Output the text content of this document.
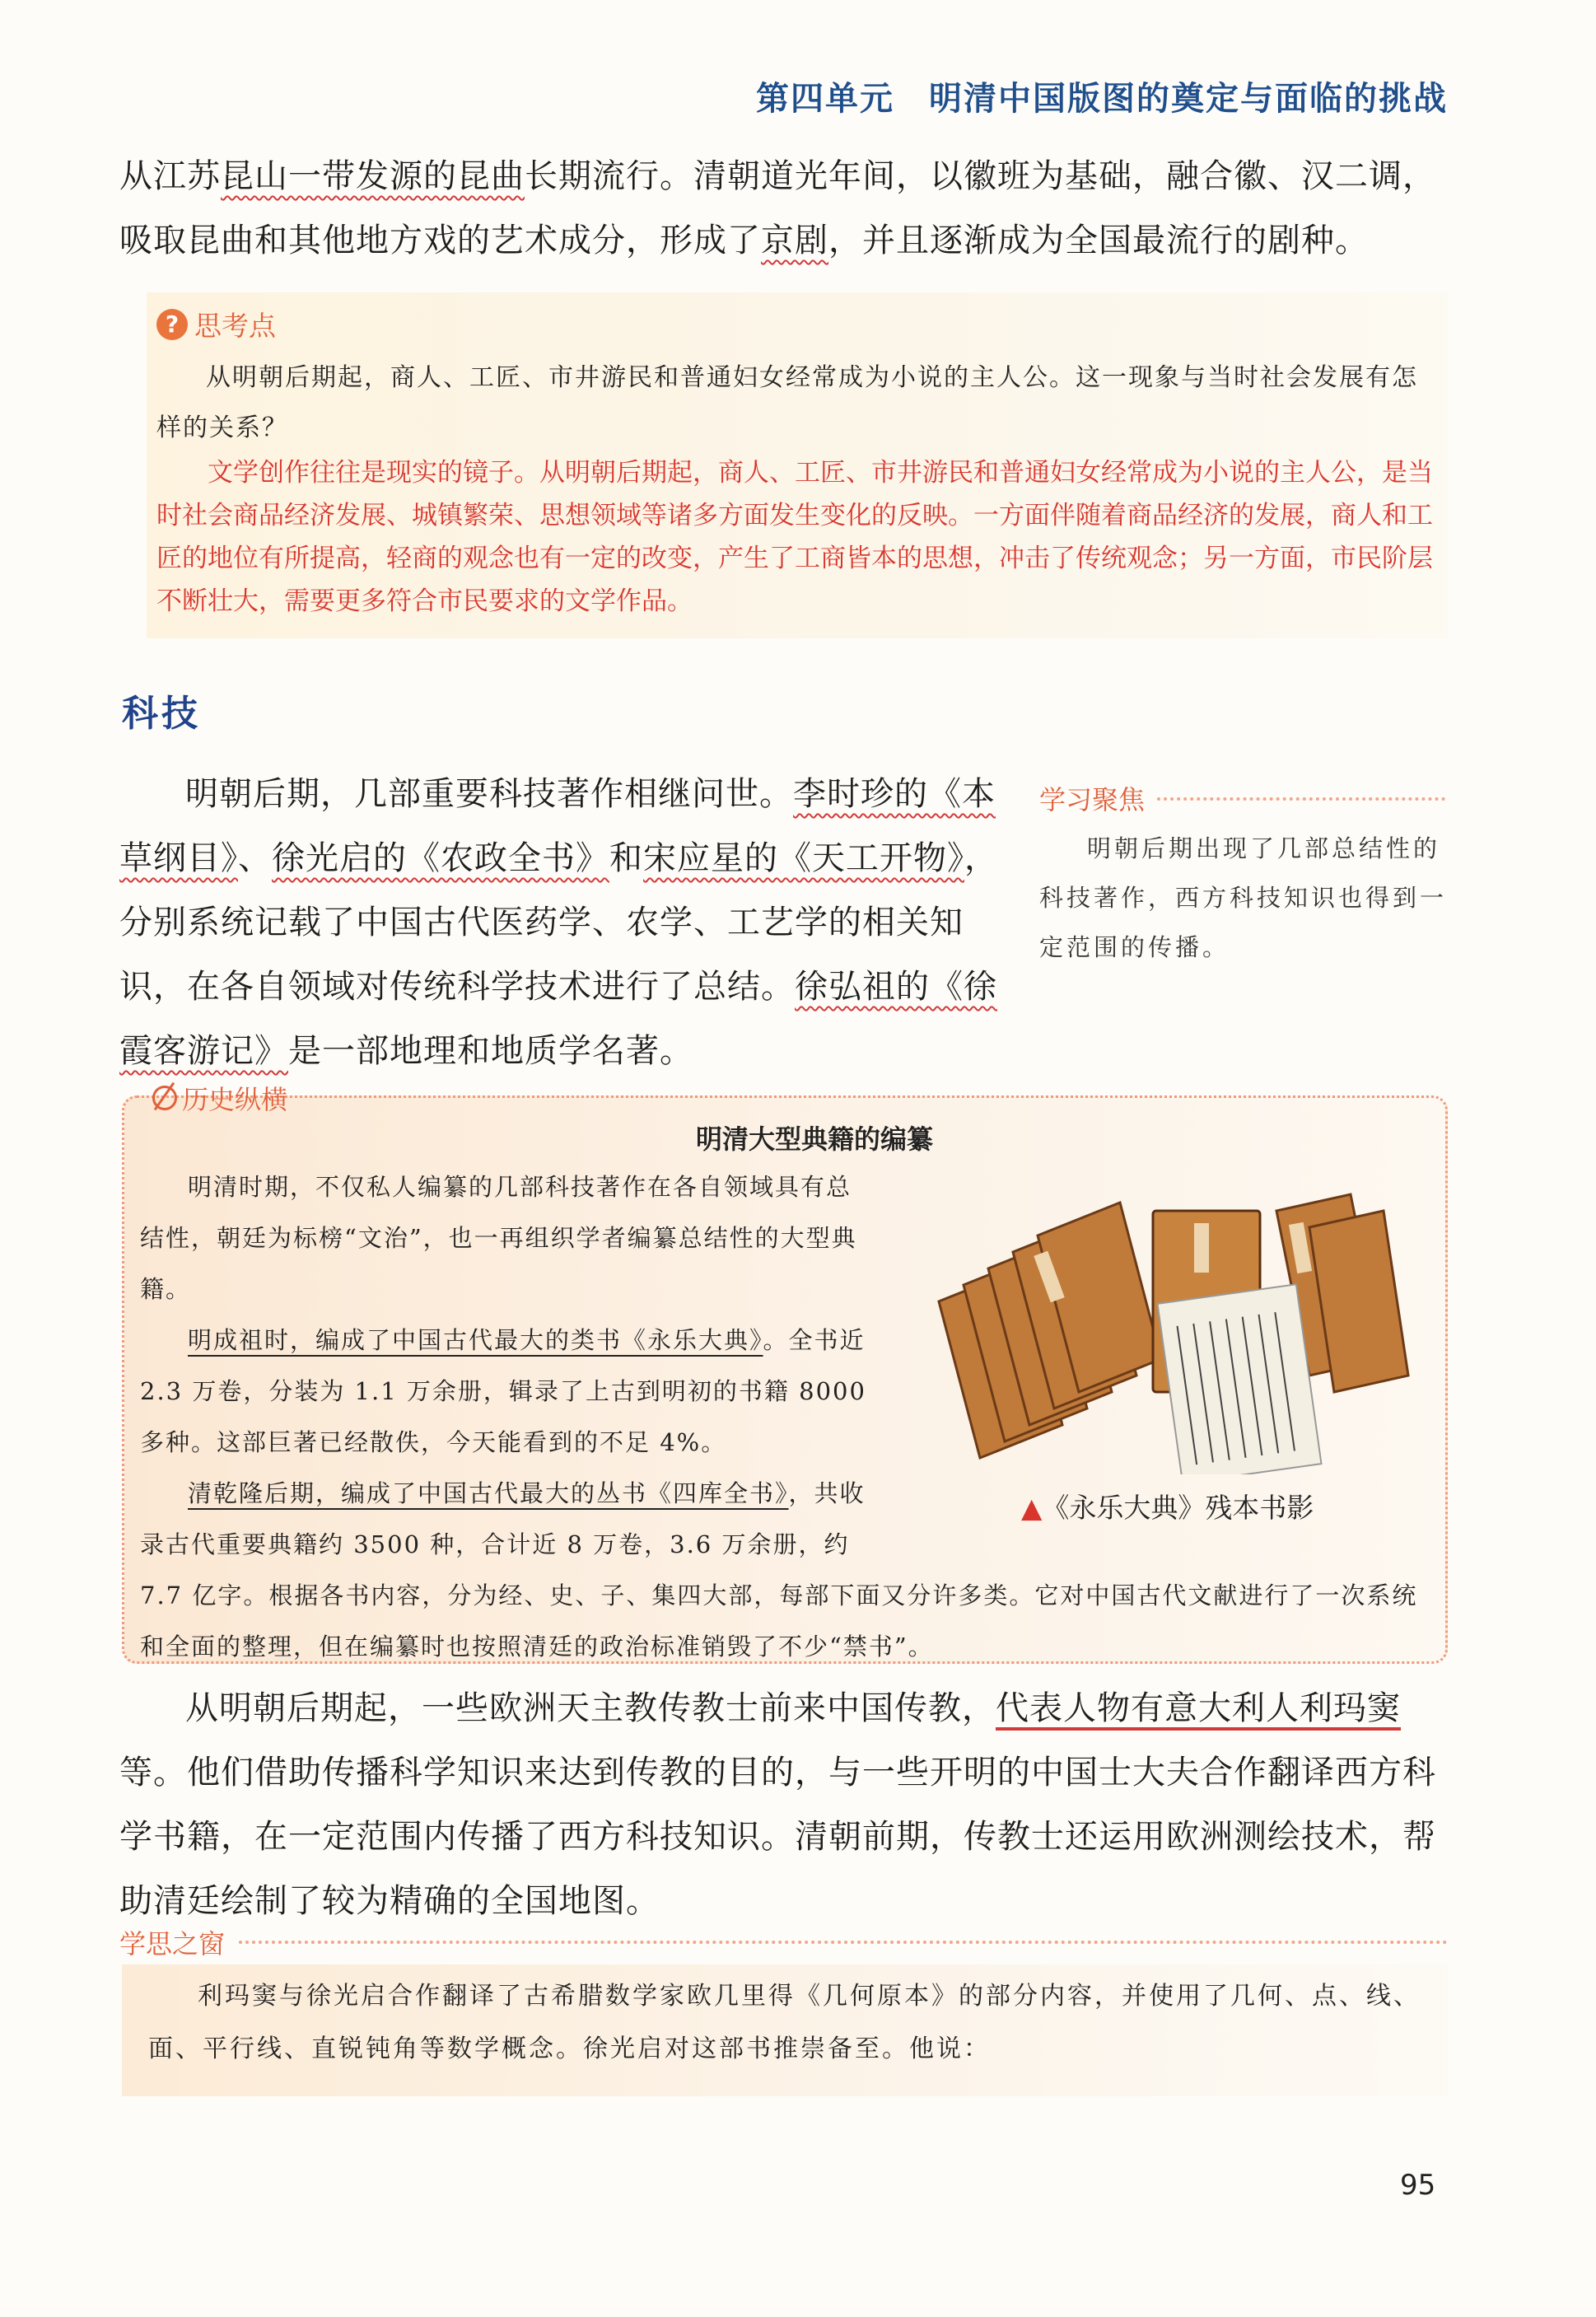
第四单元　明清中国版图的奠定与面临的挑战
从江苏昆山一带发源的昆曲长期流行。清朝道光年间，以徽班为基础，融合徽、汉二调，吸取昆曲和其他地方戏的艺术成分，形成了京剧，并且逐渐成为全国最流行的剧种。
? 思考点

从明朝后期起，商人、工匠、市井游民和普通妇女经常成为小说的主人公。这一现象与当时社会发展有怎样的关系？

文学创作往往是现实的镜子。从明朝后期起，商人、工匠、市井游民和普通妇女经常成为小说的主人公，是当时社会商品经济发展、城镇繁荣、思想领域等诸多方面发生变化的反映。一方面伴随着商品经济的发展，商人和工匠的地位有所提高，轻商的观念也有一定的改变，产生了工商皆本的思想，冲击了传统观念；另一方面，市民阶层不断壮大，需要更多符合市民要求的文学作品。

科技

明朝后期，几部重要科技著作相继问世。李时珍的《本草纲目》、徐光启的《农政全书》和宋应星的《天工开物》，分别系统记载了中国古代医药学、农学、工艺学的相关知识，在各自领域对传统科学技术进行了总结。徐弘祖的《徐霞客游记》是一部地理和地质学名著。

学习聚焦

明朝后期出现了几部总结性的科技著作，西方科技知识也得到一定范围的传播。

历史纵横
明清大型典籍的编纂

明清时期，不仅私人编纂的几部科技著作在各自领域具有总结性，朝廷为标榜“文治”，也一再组织学者编纂总结性的大型典籍。

明成祖时，编成了中国古代最大的类书《永乐大典》。全书近 2.3 万卷，分装为 1.1 万余册，辑录了上古到明初的书籍 8000 多种。这部巨著已经散佚，今天能看到的不足 4%。

清乾隆后期，编成了中国古代最大的丛书《四库全书》，共收录古代重要典籍约 3500 种，合计近 8 万卷，3.6 万余册，约

7.7 亿字。根据各书内容，分为经、史、子、集四大部，每部下面又分许多类。它对中国古代文献进行了一次系统和全面的整理，但在编纂时也按照清廷的政治标准销毁了不少“禁书”。

▲《永乐大典》残本书影

从明朝后期起，一些欧洲天主教传教士前来中国传教，代表人物有意大利人利玛窦等。他们借助传播科学知识来达到传教的目的，与一些开明的中国士大夫合作翻译西方科学书籍，在一定范围内传播了西方科技知识。清朝前期，传教士还运用欧洲测绘技术，帮助清廷绘制了较为精确的全国地图。

学思之窗

利玛窦与徐光启合作翻译了古希腊数学家欧几里得《几何原本》的部分内容，并使用了几何、点、线、面、平行线、直锐钝角等数学概念。徐光启对这部书推崇备至。他说：

95
